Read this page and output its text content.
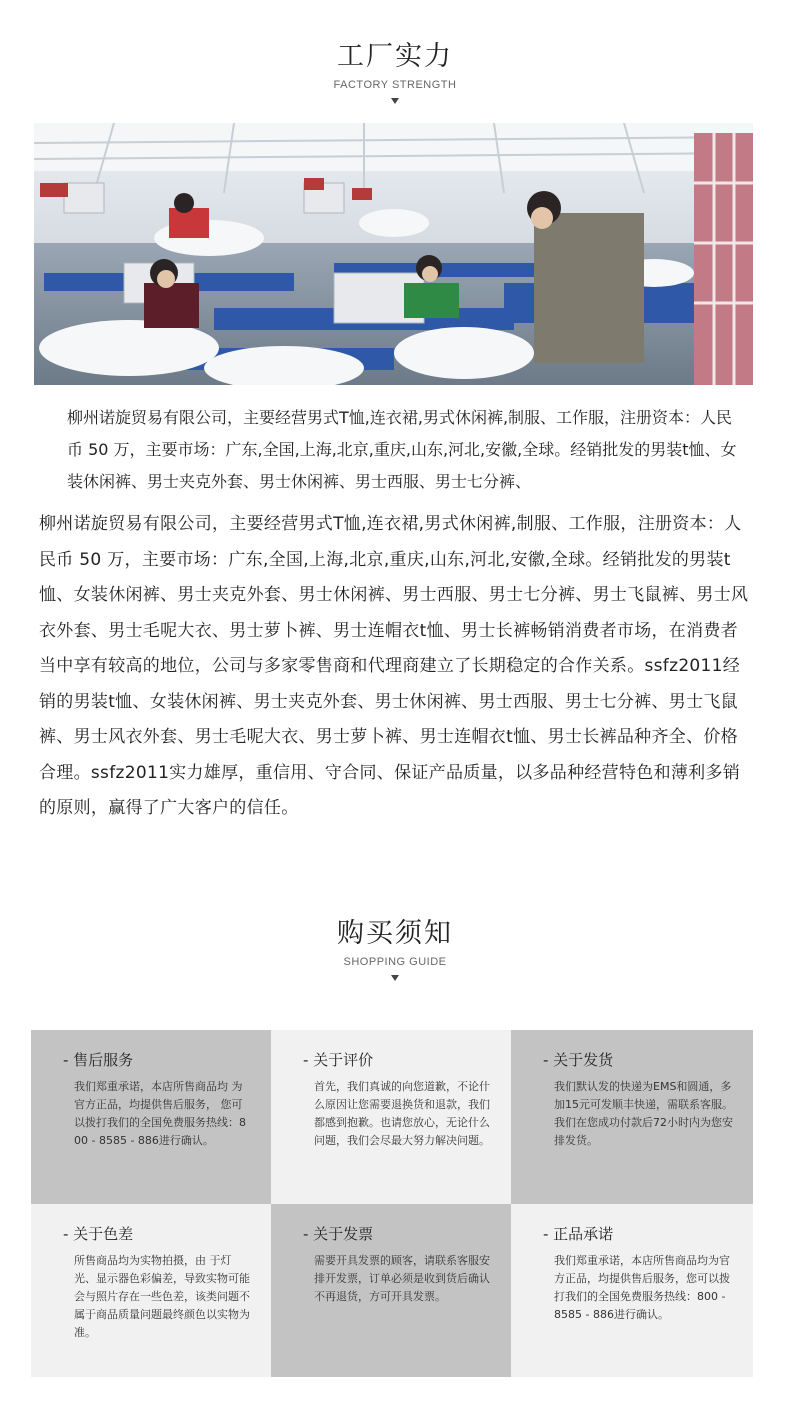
工厂实力
FACTORY STRENGTH
柳州诺旋贸易有限公司，主要经营男式T恤,连衣裙,男式休闲裤,制服、工作服，注册资本：人民币 50 万，主要市场：广东,全国,上海,北京,重庆,山东,河北,安徽,全球。经销批发的男装t恤、女装休闲裤、男士夹克外套、男士休闲裤、男士西服、男士七分裤、
柳州诺旋贸易有限公司，主要经营男式T恤,连衣裙,男式休闲裤,制服、工作服，注册资本：人民币 50 万，主要市场：广东,全国,上海,北京,重庆,山东,河北,安徽,全球。经销批发的男装t恤、女装休闲裤、男士夹克外套、男士休闲裤、男士西服、男士七分裤、男士飞鼠裤、男士风衣外套、男士毛呢大衣、男士萝卜裤、男士连帽衣t恤、男士长裤畅销消费者市场，在消费者当中享有较高的地位，公司与多家零售商和代理商建立了长期稳定的合作关系。ssfz2011经销的男装t恤、女装休闲裤、男士夹克外套、男士休闲裤、男士西服、男士七分裤、男士飞鼠裤、男士风衣外套、男士毛呢大衣、男士萝卜裤、男士连帽衣t恤、男士长裤品种齐全、价格合理。ssfz2011实力雄厚，重信用、守合同、保证产品质量，以多品种经营特色和薄利多销的原则，赢得了广大客户的信任。
购买须知
SHOPPING GUIDE
- 售后服务
我们郑重承诺，本店所售商品均 为官方正品，均提供售后服务， 您可以拨打我们的全国免费服务热线：800 - 8585 - 886进行确认。
- 关于评价
首先，我们真诚的向您道歉，不论什么原因让您需要退换货和退款，我们都感到抱歉。也请您放心，无论什么问题，我们会尽最大努力解决问题。
- 关于发货
我们默认发的快递为EMS和圆通，多加15元可发顺丰快递，需联系客服。我们在您成功付款后72小时内为您安排发货。
- 关于色差
所售商品均为实物拍摄，由 于灯光、显示器色彩偏差，导致实物可能会与照片存在一些色差，该类问题不属于商品质量问题最终颜色以实物为准。
- 关于发票
需要开具发票的顾客，请联系客服安排开发票，订单必须是收到货后确认不再退货，方可开具发票。
- 正品承诺
我们郑重承诺，本店所售商品均为官方正品，均提供售后服务，您可以拨打我们的全国免费服务热线：800 - 8585 - 886进行确认。
